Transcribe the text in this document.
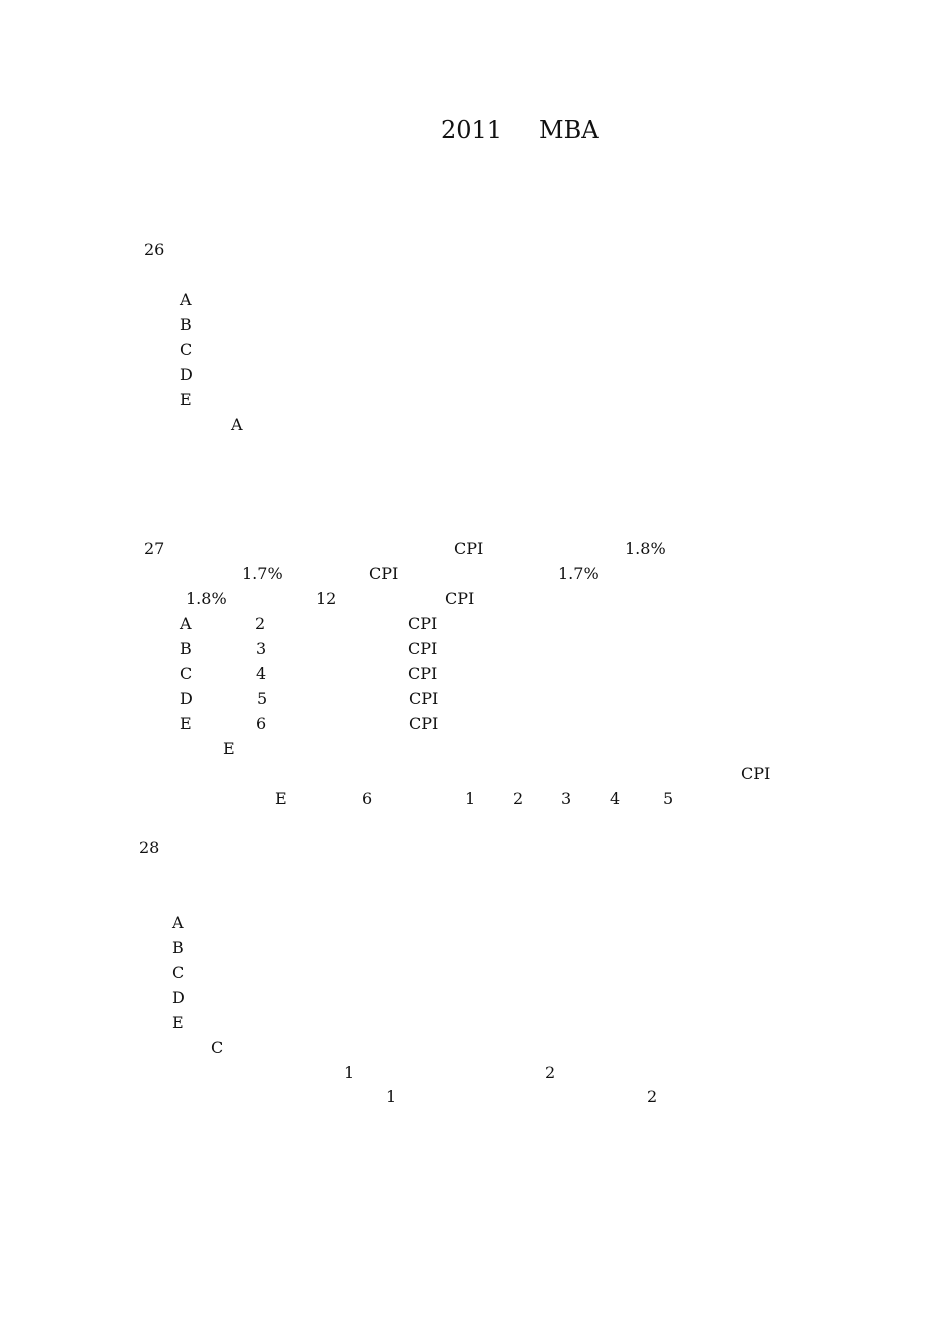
2011 MBA
26
A
B
C
D
E
A
27	CPI	1.8%
1.7%	CPI	1.7%
1.8%	12	CPI
A	2	CPI
B	3	CPI
C	4	CPI
D	5	CPI
E	6	CPI
E
CPI
E	6	1 2 3 4	5
28
A
B
C
D
E
C
1	2
1	2
